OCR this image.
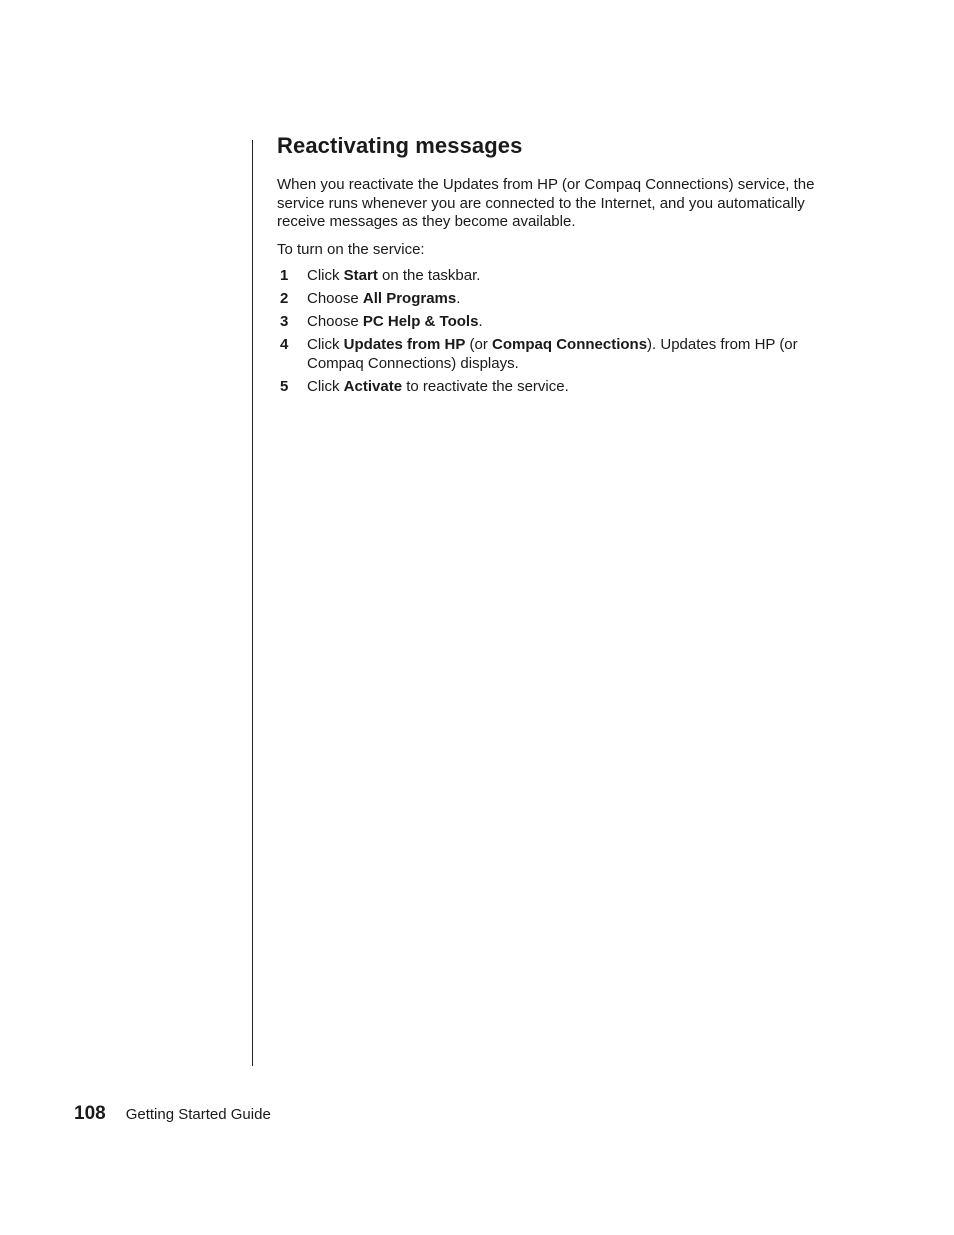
Reactivating messages

When you reactivate the Updates from HP (or Compaq Connections) service, the service runs whenever you are connected to the Internet, and you automatically receive messages as they become available.

To turn on the service:

1 Click Start on the taskbar.
2 Choose All Programs.
3 Choose PC Help & Tools.
4 Click Updates from HP (or Compaq Connections). Updates from HP (or Compaq Connections) displays.
5 Click Activate to reactivate the service.
108 Getting Started Guide
